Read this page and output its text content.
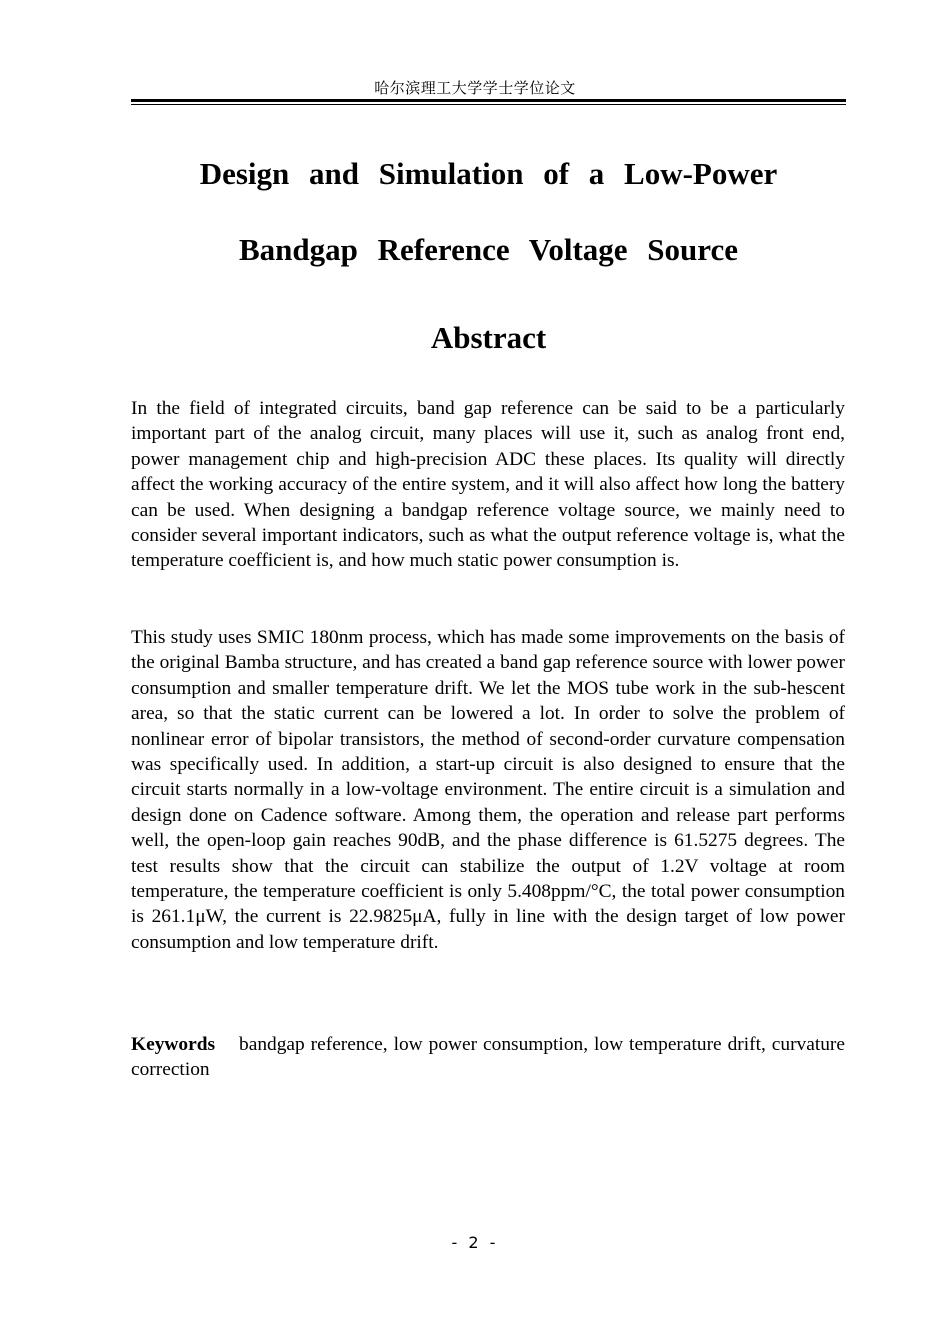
哈尔滨理工大学学士学位论文
Design and Simulation of a Low-Power
Bandgap Reference Voltage Source
Abstract

In the field of integrated circuits, band gap reference can be said to be a particularly important part of the analog circuit, many places will use it, such as analog front end, power management chip and high-precision ADC these places. Its quality will directly affect the working accuracy of the entire system, and it will also affect how long the battery can be used. When designing a bandgap reference voltage source, we mainly need to consider several important indicators, such as what the output reference voltage is, what the temperature coefficient is, and how much static power consumption is.

This study uses SMIC 180nm process, which has made some improvements on the basis of the original Bamba structure, and has created a band gap reference source with lower power consumption and smaller temperature drift. We let the MOS tube work in the sub-hescent area, so that the static current can be lowered a lot. In order to solve the problem of nonlinear error of bipolar transistors, the method of second-order curvature compensation was specifically used. In addition, a start-up circuit is also designed to ensure that the circuit starts normally in a low-voltage environment. The entire circuit is a simulation and design done on Cadence software. Among them, the operation and release part performs well, the open-loop gain reaches 90dB, and the phase difference is 61.5275 degrees. The test results show that the circuit can stabilize the output of 1.2V voltage at room temperature, the temperature coefficient is only 5.408ppm/°C, the total power consumption is 261.1μW, the current is 22.9825μA, fully in line with the design target of low power consumption and low temperature drift.

Keywords bandgap reference, low power consumption, low temperature drift, curvature correction

- 2 -
